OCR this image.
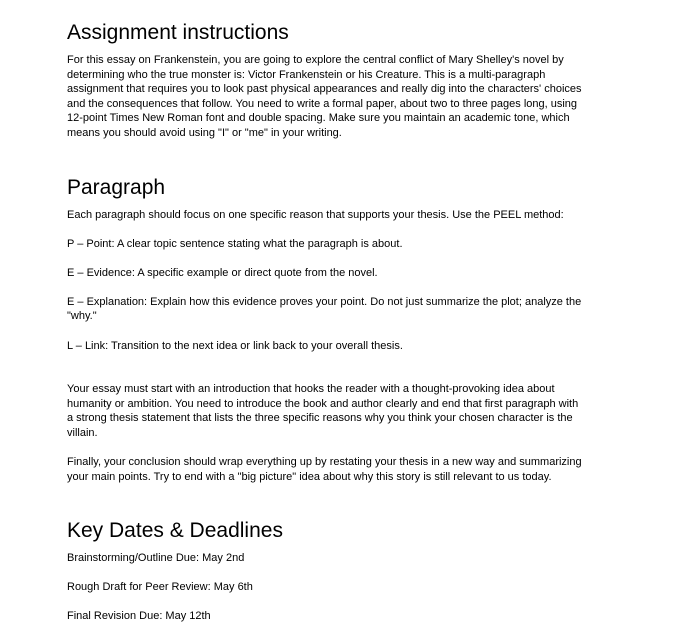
Assignment instructions

For this essay on Frankenstein, you are going to explore the central conflict of Mary Shelley's novel by determining who the true monster is: Victor Frankenstein or his Creature. This is a multi-paragraph assignment that requires you to look past physical appearances and really dig into the characters' choices and the consequences that follow. You need to write a formal paper, about two to three pages long, using 12-point Times New Roman font and double spacing. Make sure you maintain an academic tone, which means you should avoid using "I" or "me" in your writing.

Paragraph

Each paragraph should focus on one specific reason that supports your thesis. Use the PEEL method:

P – Point: A clear topic sentence stating what the paragraph is about.

E – Evidence: A specific example or direct quote from the novel.

E – Explanation: Explain how this evidence proves your point. Do not just summarize the plot; analyze the "why."

L – Link: Transition to the next idea or link back to your overall thesis.

Your essay must start with an introduction that hooks the reader with a thought-provoking idea about humanity or ambition. You need to introduce the book and author clearly and end that first paragraph with a strong thesis statement that lists the three specific reasons why you think your chosen character is the villain.

Finally, your conclusion should wrap everything up by restating your thesis in a new way and summarizing your main points. Try to end with a "big picture" idea about why this story is still relevant to us today.

Key Dates & Deadlines

Brainstorming/Outline Due: May 2nd

Rough Draft for Peer Review: May 6th

Final Revision Due: May 12th
